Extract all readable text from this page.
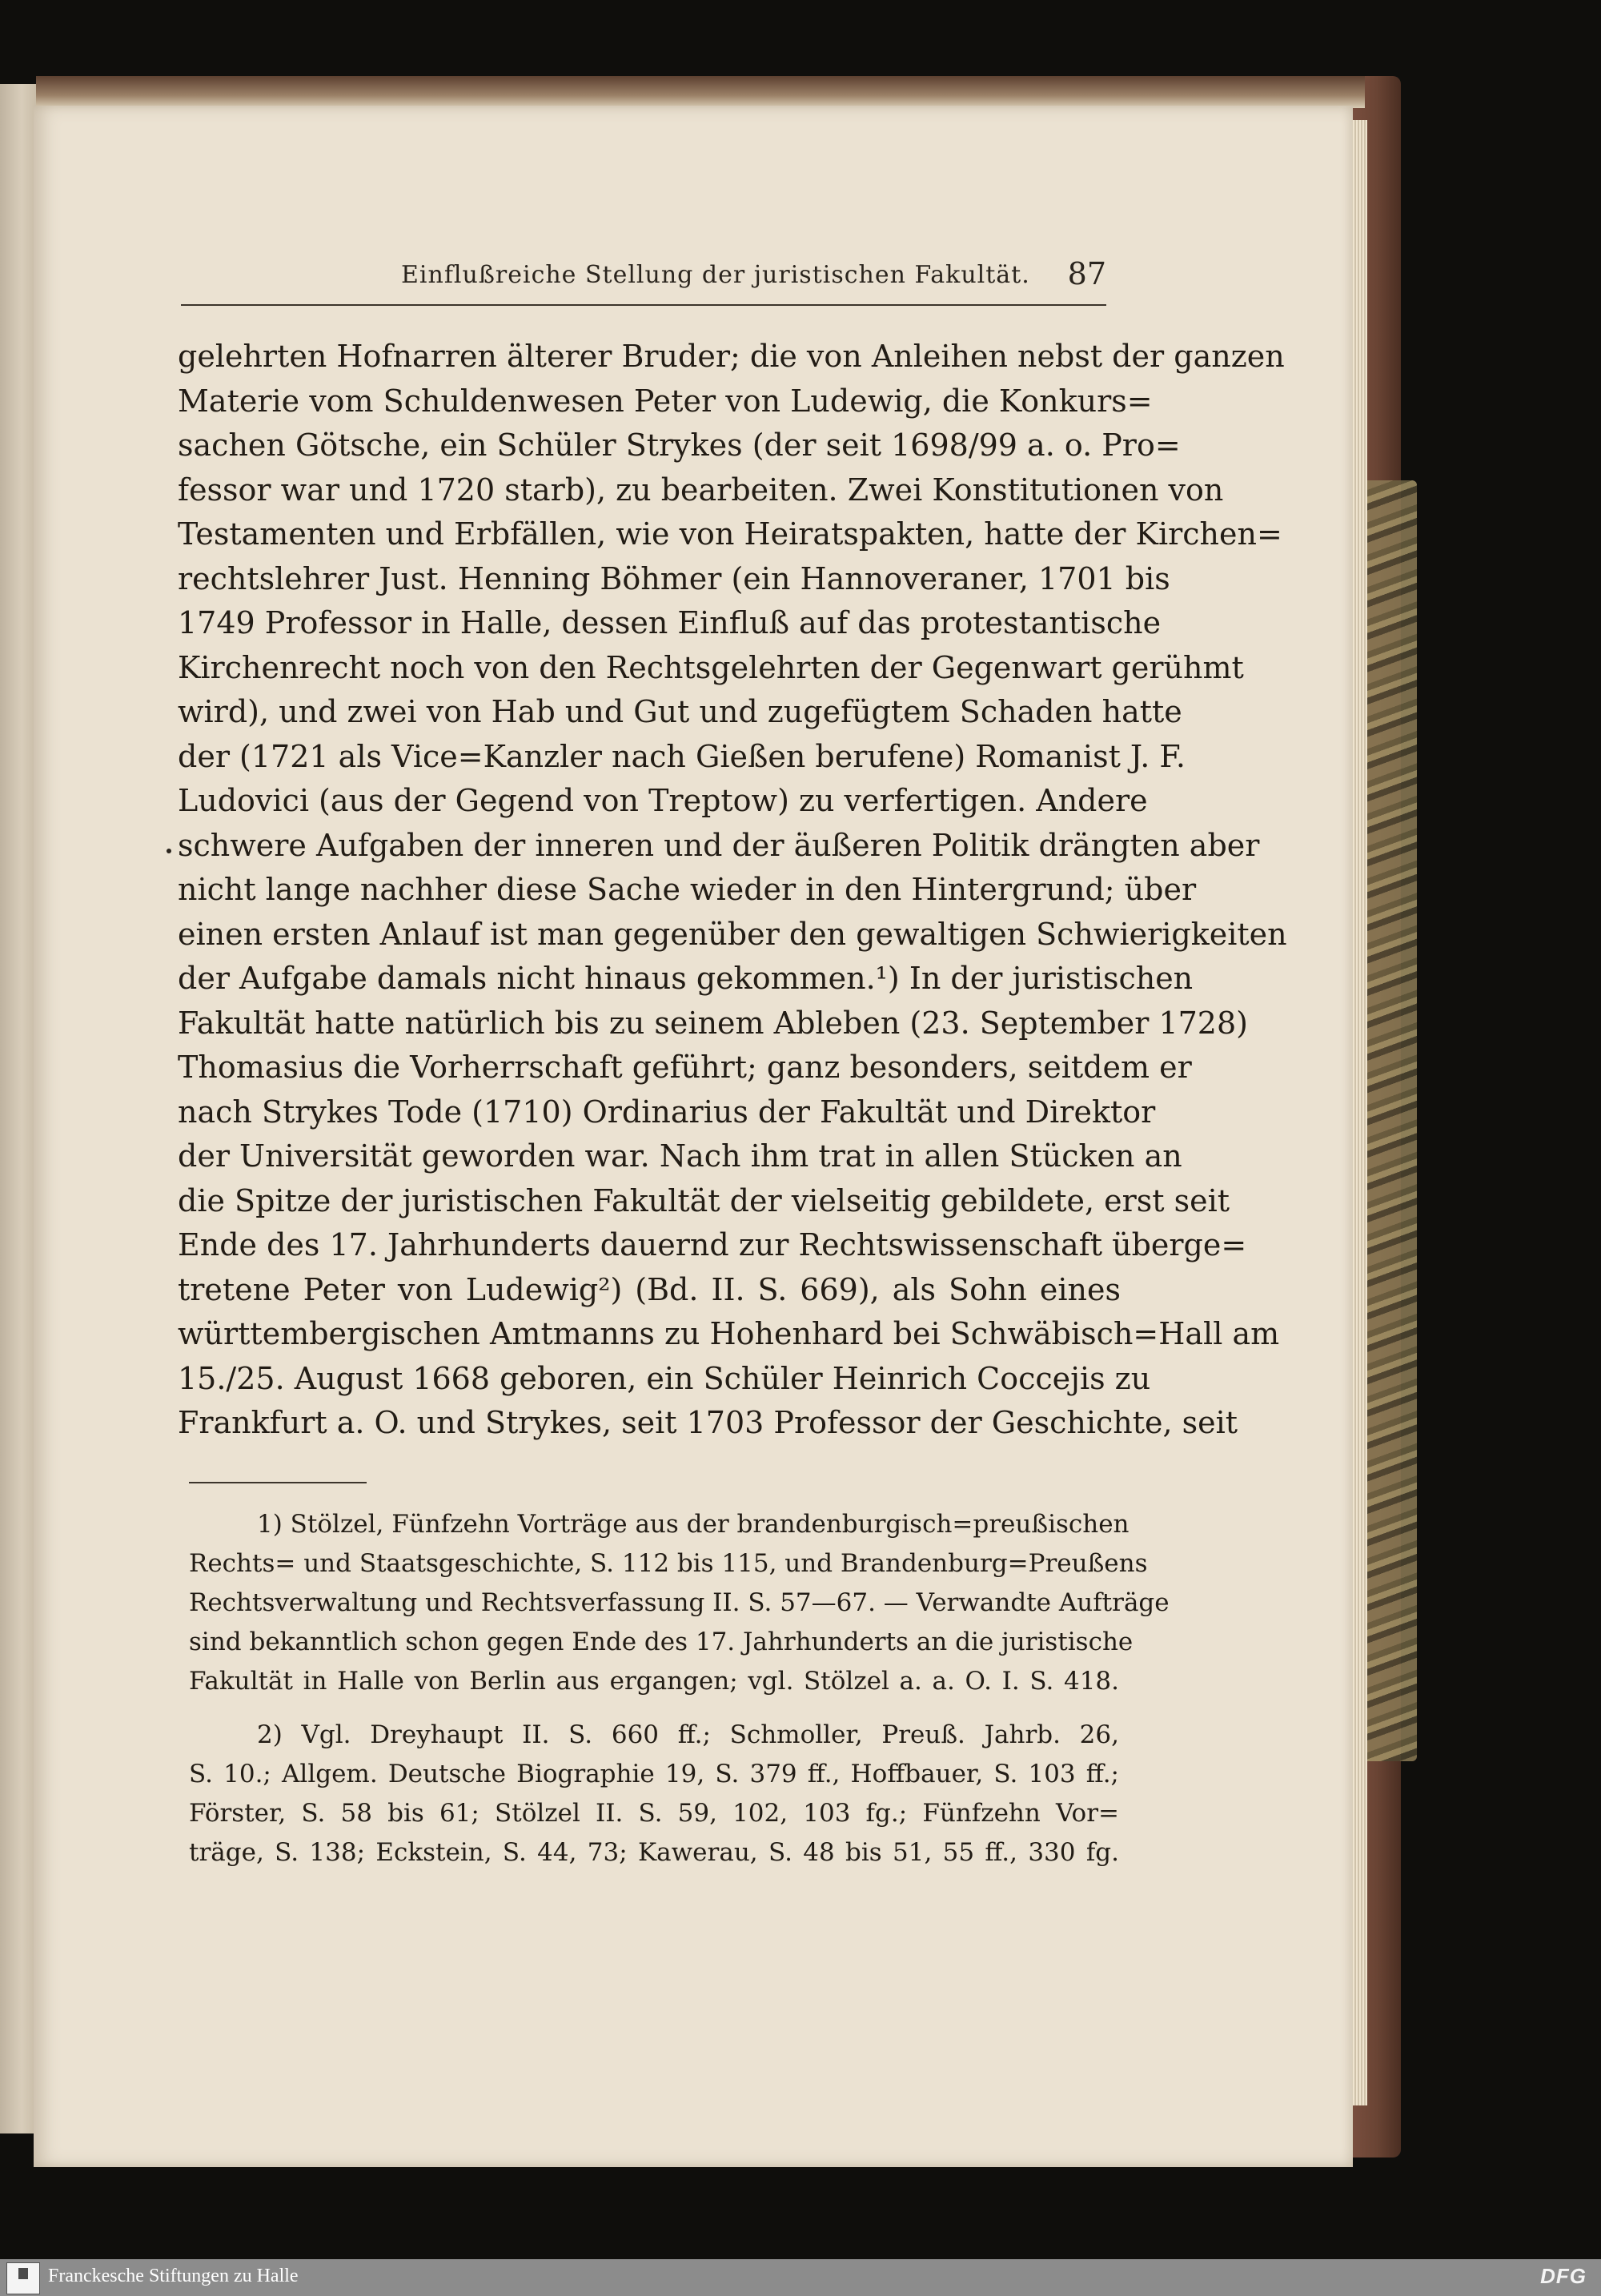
Einflußreiche Stellung der juristischen Fakultät. 87
gelehrten Hofnarren älterer Bruder; die von Anleihen nebst der ganzen
Materie vom Schuldenwesen Peter von Ludewig, die Konkurs=
sachen Götsche, ein Schüler Strykes (der seit 1698/99 a. o. Pro=
fessor war und 1720 starb), zu bearbeiten. Zwei Konstitutionen von
Testamenten und Erbfällen, wie von Heiratspakten, hatte der Kirchen=
rechtslehrer Just. Henning Böhmer (ein Hannoveraner, 1701 bis
1749 Professor in Halle, dessen Einfluß auf das protestantische
Kirchenrecht noch von den Rechtsgelehrten der Gegenwart gerühmt
wird), und zwei von Hab und Gut und zugefügtem Schaden hatte
der (1721 als Vice=Kanzler nach Gießen berufene) Romanist J. F.
Ludovici (aus der Gegend von Treptow) zu verfertigen. Andere
schwere Aufgaben der inneren und der äußeren Politik drängten aber
nicht lange nachher diese Sache wieder in den Hintergrund; über
einen ersten Anlauf ist man gegenüber den gewaltigen Schwierigkeiten
der Aufgabe damals nicht hinaus gekommen.¹) In der juristischen
Fakultät hatte natürlich bis zu seinem Ableben (23. September 1728)
Thomasius die Vorherrschaft geführt; ganz besonders, seitdem er
nach Strykes Tode (1710) Ordinarius der Fakultät und Direktor
der Universität geworden war. Nach ihm trat in allen Stücken an
die Spitze der juristischen Fakultät der vielseitig gebildete, erst seit
Ende des 17. Jahrhunderts dauernd zur Rechtswissenschaft überge=
tretene Peter von Ludewig²) (Bd. II. S. 669), als Sohn eines
württembergischen Amtmanns zu Hohenhard bei Schwäbisch=Hall am
15./25. August 1668 geboren, ein Schüler Heinrich Coccejis zu
Frankfurt a. O. und Strykes, seit 1703 Professor der Geschichte, seit
1) Stölzel, Fünfzehn Vorträge aus der brandenburgisch=preußischen
Rechts= und Staatsgeschichte, S. 112 bis 115, und Brandenburg=Preußens
Rechtsverwaltung und Rechtsverfassung II. S. 57—67. — Verwandte Aufträge
sind bekanntlich schon gegen Ende des 17. Jahrhunderts an die juristische
Fakultät in Halle von Berlin aus ergangen; vgl. Stölzel a. a. O. I. S. 418.
2) Vgl. Dreyhaupt II. S. 660 ff.; Schmoller, Preuß. Jahrb. 26,
S. 10.; Allgem. Deutsche Biographie 19, S. 379 ff., Hoffbauer, S. 103 ff.;
Förster, S. 58 bis 61; Stölzel II. S. 59, 102, 103 fg.; Fünfzehn Vor=
träge, S. 138; Eckstein, S. 44, 73; Kawerau, S. 48 bis 51, 55 ff., 330 fg.
Franckesche Stiftungen zu Halle	DFG
